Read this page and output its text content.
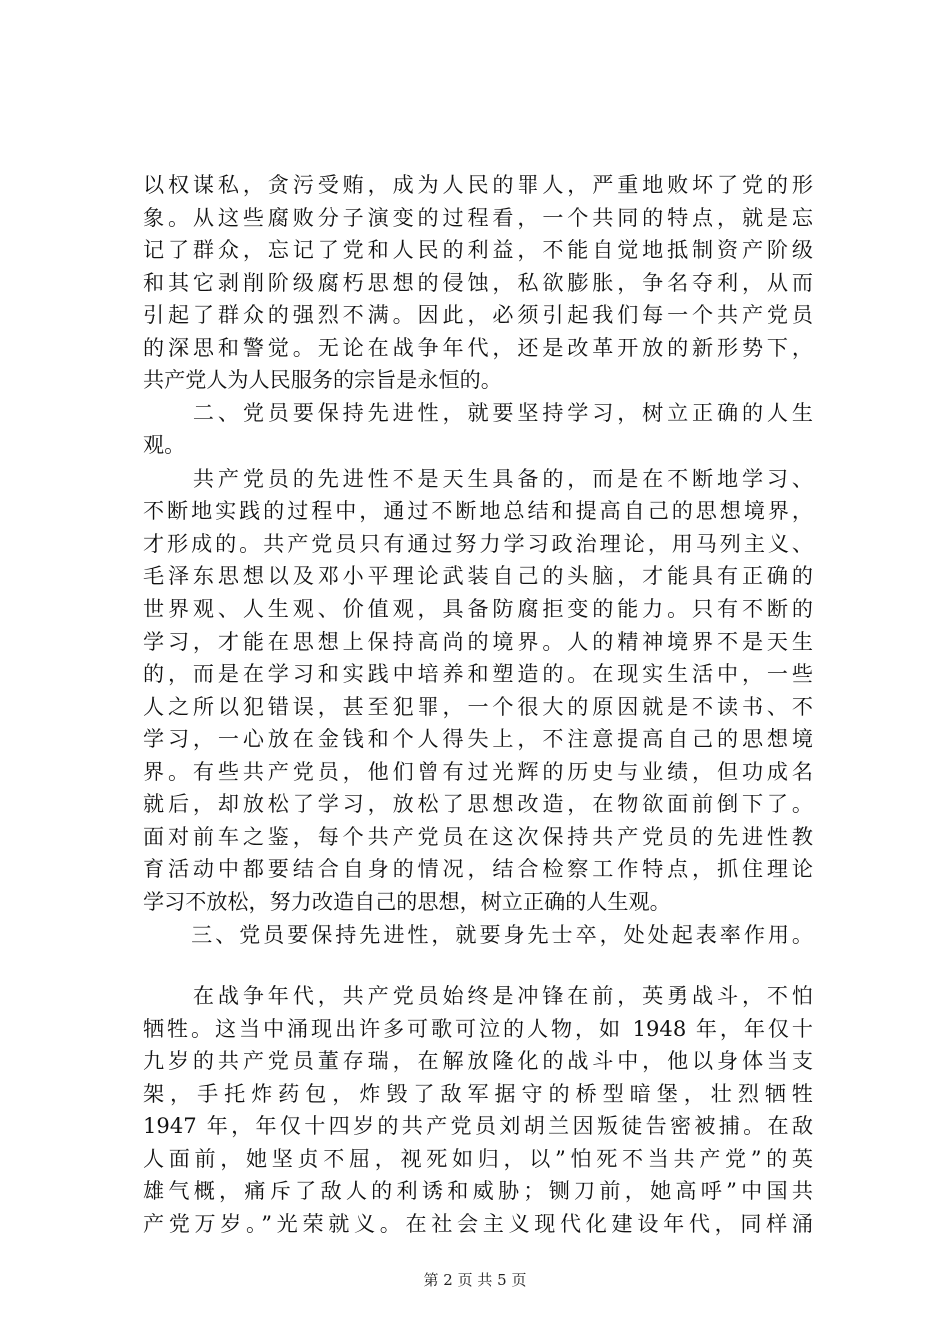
以权谋私，贪污受贿，成为人民的罪人，严重地败坏了党的形
象。从这些腐败分子演变的过程看，一个共同的特点，就是忘
记了群众，忘记了党和人民的利益，不能自觉地抵制资产阶级
和其它剥削阶级腐朽思想的侵蚀，私欲膨胀，争名夺利，从而
引起了群众的强烈不满。因此，必须引起我们每一个共产党员
的深思和警觉。无论在战争年代，还是改革开放的新形势下，
共产党人为人民服务的宗旨是永恒的。
　　二、党员要保持先进性，就要坚持学习，树立正确的人生
观。
　　共产党员的先进性不是天生具备的，而是在不断地学习、
不断地实践的过程中，通过不断地总结和提高自己的思想境界，
才形成的。共产党员只有通过努力学习政治理论，用马列主义、
毛泽东思想以及邓小平理论武装自己的头脑，才能具有正确的
世界观、人生观、价值观，具备防腐拒变的能力。只有不断的
学习，才能在思想上保持高尚的境界。人的精神境界不是天生
的，而是在学习和实践中培养和塑造的。在现实生活中，一些
人之所以犯错误，甚至犯罪，一个很大的原因就是不读书、不
学习，一心放在金钱和个人得失上，不注意提高自己的思想境
界。有些共产党员，他们曾有过光辉的历史与业绩，但功成名
就后，却放松了学习，放松了思想改造，在物欲面前倒下了。
面对前车之鉴，每个共产党员在这次保持共产党员的先进性教
育活动中都要结合自身的情况，结合检察工作特点，抓住理论
学习不放松，努力改造自己的思想，树立正确的人生观。
　　三、党员要保持先进性，就要身先士卒，处处起表率作用。
　　在战争年代，共产党员始终是冲锋在前，英勇战斗，不怕
牺牲。这当中涌现出许多可歌可泣的人物，如 1948 年，年仅十
九岁的共产党员董存瑞，在解放隆化的战斗中，他以身体当支
架，手托炸药包，炸毁了敌军据守的桥型暗堡，壮烈牺牲
1947 年，年仅十四岁的共产党员刘胡兰因叛徒告密被捕。在敌
人面前，她坚贞不屈，视死如归，以”怕死不当共产党”的英
雄气概，痛斥了敌人的利诱和威胁；铡刀前，她高呼”中国共
产党万岁。”光荣就义。在社会主义现代化建设年代，同样涌
第 2 页 共 5 页
